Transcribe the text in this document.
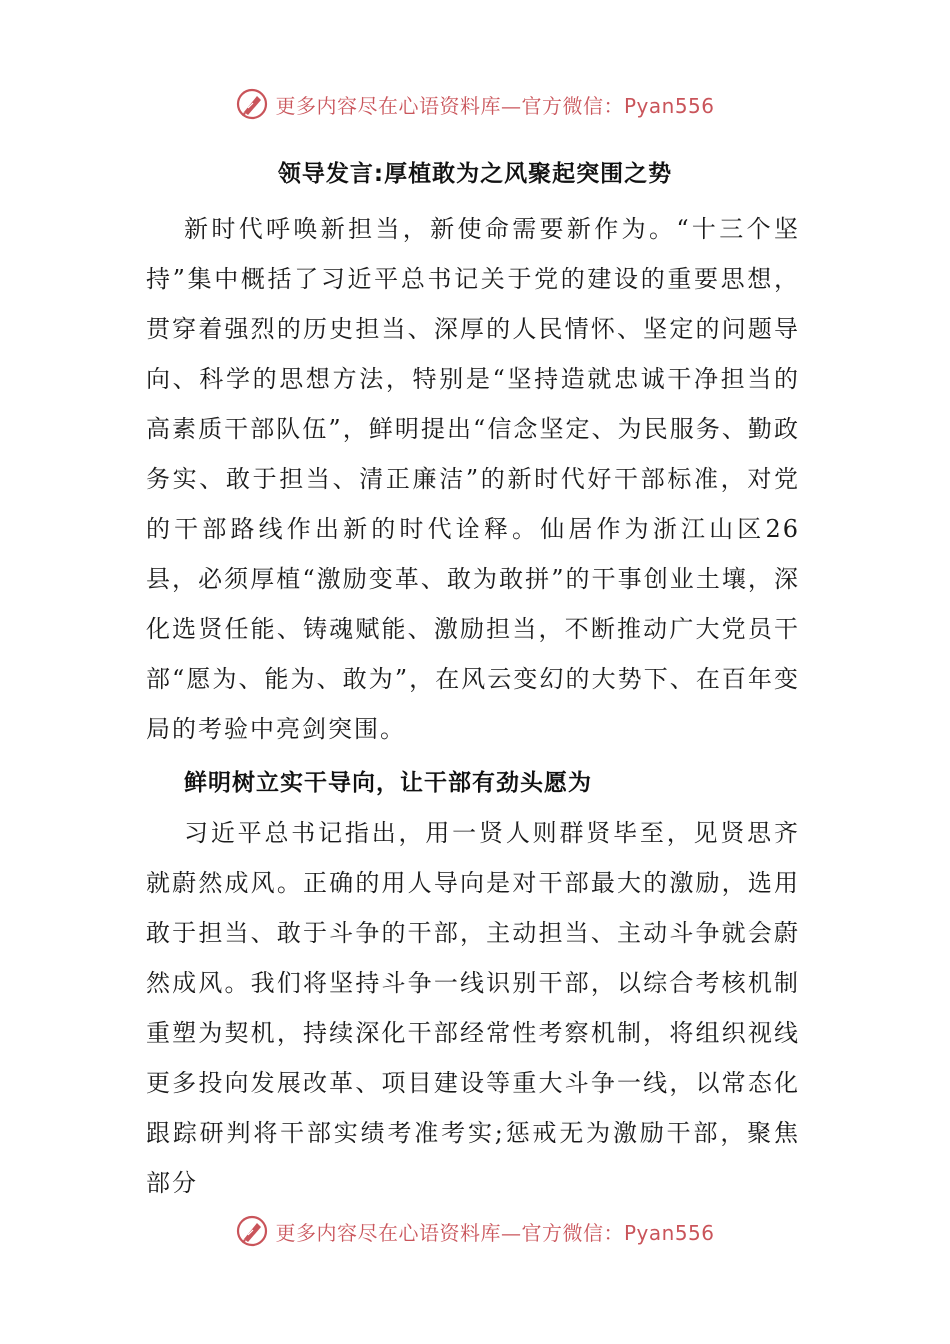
更多内容尽在心语资料库—官方微信：Pyan556
领导发言:厚植敢为之风聚起突围之势

新时代呼唤新担当，新使命需要新作为。“十三个坚持”集中概括了习近平总书记关于党的建设的重要思想，贯穿着强烈的历史担当、深厚的人民情怀、坚定的问题导向、科学的思想方法，特别是“坚持造就忠诚干净担当的高素质干部队伍”，鲜明提出“信念坚定、为民服务、勤政务实、敢于担当、清正廉洁”的新时代好干部标准，对党的干部路线作出新的时代诠释。仙居作为浙江山区26县，必须厚植“激励变革、敢为敢拼”的干事创业土壤，深化选贤任能、铸魂赋能、激励担当，不断推动广大党员干部“愿为、能为、敢为”，在风云变幻的大势下、在百年变局的考验中亮剑突围。

鲜明树立实干导向，让干部有劲头愿为

习近平总书记指出，用一贤人则群贤毕至，见贤思齐就蔚然成风。正确的用人导向是对干部最大的激励，选用敢于担当、敢于斗争的干部，主动担当、主动斗争就会蔚然成风。我们将坚持斗争一线识别干部，以综合考核机制重塑为契机，持续深化干部经常性考察机制，将组织视线更多投向发展改革、项目建设等重大斗争一线，以常态化跟踪研判将干部实绩考准考实;惩戒无为激励干部，聚焦部分

更多内容尽在心语资料库—官方微信：Pyan556
